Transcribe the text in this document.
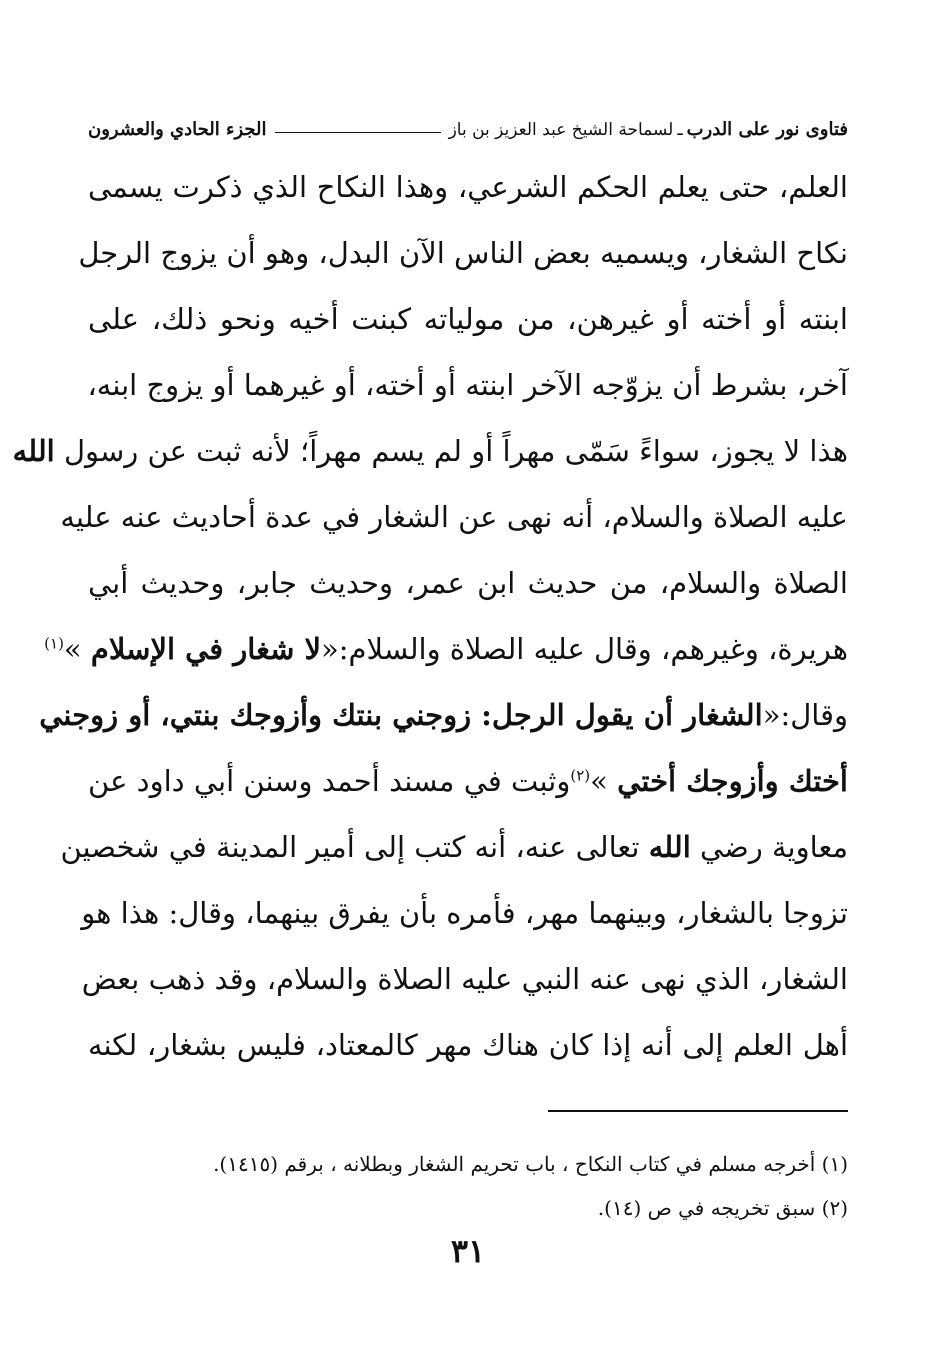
فتاوى نور على الدرب
ـ
لسماحة الشيخ عبد العزيز بن باز
الجزء الحادي والعشرون
العلم، حتى يعلم الحكم الشرعي، وهذا النكاح الذي ذكرت يسمى
نكاح الشغار، ويسميه بعض الناس الآن البدل، وهو أن يزوج الرجل
ابنته أو أخته أو غيرهن، من مولياته كبنت أخيه ونحو ذلك، على
آخر، بشرط أن يزوّجه الآخر ابنته أو أخته، أو غيرهما أو يزوج ابنه،
هذا لا يجوز، سواءً سَمّى مهراً أو لم يسم مهراً؛ لأنه ثبت عن رسول الله
عليه الصلاة والسلام، أنه نهى عن الشغار في عدة أحاديث عنه عليه
الصلاة والسلام، من حديث ابن عمر، وحديث جابر، وحديث أبي
هريرة، وغيرهم، وقال عليه الصلاة والسلام:«لا شغار في الإسلام »$^{(١)}$
وقال:«الشغار أن يقول الرجل: زوجني بنتك وأزوجك بنتي، أو زوجني
أختك وأزوجك أختي »$^{(٢)}$وثبت في مسند أحمد وسنن أبي داود عن
معاوية رضي الله تعالى عنه، أنه كتب إلى أمير المدينة في شخصين
تزوجا بالشغار، وبينهما مهر، فأمره بأن يفرق بينهما، وقال: هذا هو
الشغار، الذي نهى عنه النبي عليه الصلاة والسلام، وقد ذهب بعض
أهل العلم إلى أنه إذا كان هناك مهر كالمعتاد، فليس بشغار، لكنه
(١) أخرجه مسلم في كتاب النكاح ، باب تحريم الشغار وبطلانه ، برقم (١٤١٥).
(٢) سبق تخريجه في ص (١٤).
٣١
